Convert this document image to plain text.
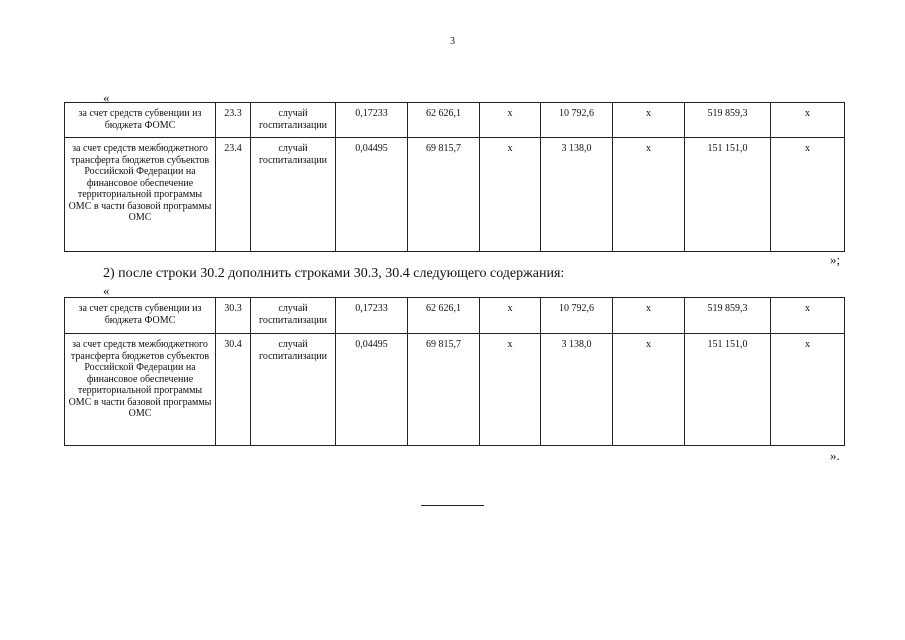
3
«
за счет средств субвенции из бюджета ФОМС	23.3	случай госпитализации	0,17233	62 626,1	x	10 792,6	x	519 859,3	x
за счет средств межбюджетного трансферта бюджетов субъектов Российской Федерации на финансовое обеспечение территориальной программы ОМС в части базовой программы ОМС	23.4	случай госпитализации	0,04495	69 815,7	x	3 138,0	x	151 151,0	x
»;
2) после строки 30.2 дополнить строками 30.3, 30.4 следующего содержания:
«
за счет средств субвенции из бюджета ФОМС	30.3	случай госпитализации	0,17233	62 626,1	x	10 792,6	x	519 859,3	x
за счет средств межбюджетного трансферта бюджетов субъектов Российской Федерации на финансовое обеспечение территориальной программы ОМС в части базовой программы ОМС	30.4	случай госпитализации	0,04495	69 815,7	x	3 138,0	x	151 151,0	x
».
